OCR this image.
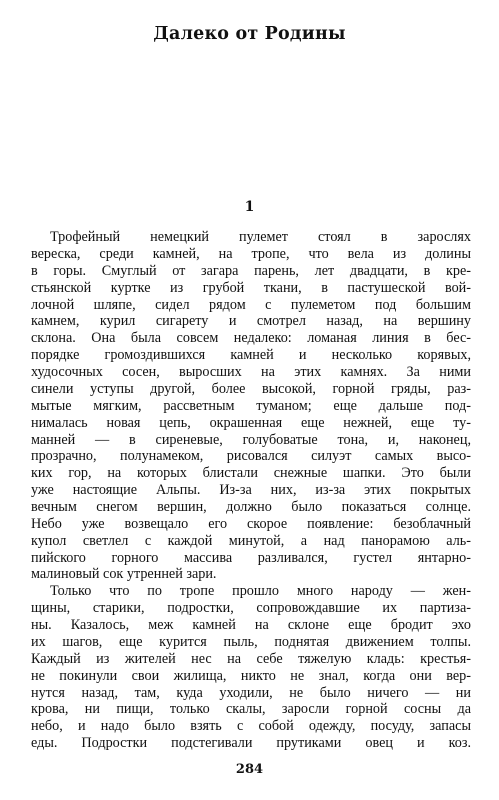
Далеко от Родины
1
Трофейный немецкий пулемет стоял в зарослях
вереска, среди камней, на тропе, что вела из долины
в горы. Смуглый от загара парень, лет двадцати, в кре-
стьянской куртке из грубой ткани, в пастушеской вой-
лочной шляпе, сидел рядом с пулеметом под большим
камнем, курил сигарету и смотрел назад, на вершину
склона. Она была совсем недалеко: ломаная линия в бес-
порядке громоздившихся камней и несколько корявых,
худосочных сосен, выросших на этих камнях. За ними
синели уступы другой, более высокой, горной гряды, раз-
мытые мягким, рассветным туманом; еще дальше под-
нималась новая цепь, окрашенная еще нежней, еще ту-
манней — в сиреневые, голубоватые тона, и, наконец,
прозрачно, полунамеком, рисовался силуэт самых высо-
ких гор, на которых блистали снежные шапки. Это были
уже настоящие Альпы. Из-за них, из-за этих покрытых
вечным снегом вершин, должно было показаться солнце.
Небо уже возвещало его скорое появление: безоблачный
купол светлел с каждой минутой, а над панорамою аль-
пийского горного массива разливался, густел янтарно-
малиновый сок утренней зари.
Только что по тропе прошло много народу — жен-
щины, старики, подростки, сопровождавшие их партиза-
ны. Казалось, меж камней на склоне еще бродит эхо
их шагов, еще курится пыль, поднятая движением толпы.
Каждый из жителей нес на себе тяжелую кладь: крестья-
не покинули свои жилища, никто не знал, когда они вер-
нутся назад, там, куда уходили, не было ничего — ни
крова, ни пищи, только скалы, заросли горной сосны да
небо, и надо было взять с собой одежду, посуду, запасы
еды. Подростки подстегивали прутиками овец и коз.
284
